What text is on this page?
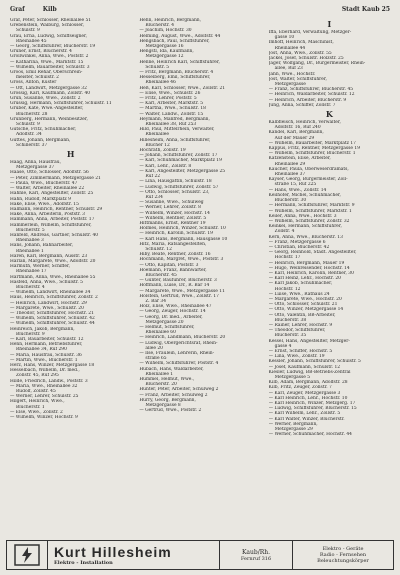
Graf	Kilb	Stadt Kaub 25
Graf, Peter, Schlosser, Rheinallee 51
Grebenstein, Walburg, Schlosser,
Schulstr. 9
Grau, Erna, Ludwig, Schiffseigner,
Rheinallee 45
— Georg, Schiffsführer, Blücherstr. 19
Gruner, Ernst, Blücherstr. 4
Grollwinkel, Anna, Wwe., Poststr. 2
— Katharina, Wwe., Marktstr. 15
— Wilhelm, Bauarbeiter, Schulstr. 3
Groos, Emil Rehar, Oberschrein-
meister, Schulstr. 2
Gross, Anton, Küster
— Ott, Landwirt, Metzgergasse 32
Grossig, Karl, Kaufmann, Zollstr. 40
Grün, Susanne, Wwe., Zollstr. 2
Grüssig, Hermann, Schiffsführer, Schulstr. 11
Gruber, Käte, Wwe.-Angestellter,
Blücherstr. 28
Grunberg, Hermann, Weinbesitzer,
Schulstr. 9
Gutsche, Fritz, Schuhmacher,
Adolfstr. 34
Guttes, Johann, Bergmann,
Schillerstr. 37
H
Haag, Anna, Hausfrau,
Metzgergasse 37
Haase, Otto, Schlosser, Adolfstr. 56
— Peter, Zimmermann, Metzgergasse 21
— Paula, Wwe., Blücherstr. 47
— Walter, Arbeiter, Rheinallee 22
Hähnle, Karl, Angestellter, Zollstr. 25
Hahn, Rudolf, Marktplatz 9
Hake, Elise, Wwe., Adolfstr. 15
Halmann, Heinrich, Rentner, Schulstr. 29
Hake, Anna, Arbeiterin, Poststr. 3
Hammann, Anna, Arbeiter, Poststr. 17
Hammerlein, Wilhelm, Schiffsführer,
Blücherstr. 5
Hanfeld, Andreas, Gärtner, Schulstr. 40
Rheinallee 3
Hans, Johann, Bahnarbeiter,
Rheinallee 1
Haren, Karl, Bergmann, Ausstr. 23
Harlan, Margarete, Wwe., Adolfstr. 20
Harmuth, Werner, Schiffer,
Rheinallee 17
Hartmann, Anna, Wwe., Rheinallee 55
Hasfeld, Anna, Wwe., Schulstr. 5
Blücherstr. 4
— Wilhelm, Landwirt, Rheinallee 34
Haus, Heinrich, Schiffsführer, Zollstr. 2
— Heinrich, Landwirt, Hochstr. 29
— Margarete, Wwe., Schulstr. 20
— Theodor, Schiffsführer, Hochstr. 21
— Wilhelm, Schiffsführer, Schulstr. 42
— Wilhelm, Schiffsführer, Schulstr. 44
Heinreich, Jakob, Bergmann,
Blücherstr. 9
— Karl, Bauarbeiter, Schulstr. 12
Henn, Hermann, Betriebsführer,
Rheinallee 34, Ruf 290
— Maria, Hausfrau, Schulstr. 36
— Martin, Wwe., Blücherstr. 1
Herz, Hans, Winzer, Metzgergasse 18
Hesselbach, Wilhelm, Dr. med.,
Zollstr. 45, Ruf 295
Hilde, Friedrich, Landw., Poststr. 3
— Maria, Wwe., Rheinallee 32
Rudolf, Zollstr. 45
— Werner, Lehrer, Schulstr. 25
Hilgert, Heinrich, Wwe.,
Blücherstr. 1
— Else, Wwe., Zollstr. 2
— Wilhelm, Winzer, Hochstr. 9
Hehn, Heinrich, Bergmann,
Blücherstr. 4
— Joachim, Hochstr. 30
Helming, August, Wwe., Adolfstr. 44
Hengsbach, Paul, Schiffsführer,
Metzgergasse 16
Hengstl, Ida, Kaufmann,
Metzgergasse 12
Henne, Heinrich Karl, Schiffsführer,
Schulstr. 5
— Fritz, Bergmann, Blücherstr. 4
Hesselberg, Emil, Schiffsführer,
Rheinallee 46
Heß, Karl, Schlosser, Wwe., Zollstr. 21
— Elise, Wwe., Schulstr. 26
— Fritz, Lehrer, Poststr. 5
— Karl, Arbeiter, Marktstr. 5
— Martha, Wwe., Schulstr. 18
— Walter, Landw., Zollstr. 15
Heymann, Manfred, Bergmann,
Rheinallee 38, Ruf 253
Hild, Paul, Mittelrhein, Verwalter,
Rheinallee
Hillesheim, Anna, Schiffsführer,
Blücher 12
Hochrath, Zollstr. 19
— Johann, Schiffsführer, Zollstr. 17
— Karl, Schuhmacher, Marktplatz 19
— Karl, Lehr., Zollstr. 8
— Karl, Angestellter, Metzgergasse 25
Ruf 22
— Lina, Hausgattin, Schulstr. 18
— Ludwig, Schiffsführer, Zollstr. 57
— Otto, Schlosser, Schulstr. 23,
Ruf 234
— Susanne, Wwe., Schulweg
— Werner, Lehrer, Zollstr. 8
— Wilhelm, Winzer, Hochstr. 14
— Wilhelm, Rentner, Zollstr. 5
Hittmanns, Ernst, Rentner 19
Holmes, Heinrich, Winzer, Schulstr. 10
— Heinrich, Karolin, Schulstr. 19
— Karl Hans, Bergmann, Hausgasse 10
Hitz, Maria, Ratsangestellten,
Schulstr. 12
Hiby, Beate, Rentner, Zollstr. 16
Hochmann, Margret, Wwe., Poststr. 3
— Otto, Kapitän, Poststr. 3
Hoemann, Franz, Bahnwärter,
Blücherstr. 45
— Gunter, Bauführer, Blücherstr. 3
Hoffmann, Luise, Dr., R. Bar 14
— Margarete, Wwe., Metzgergasse 11
Holstein, Gertrud, Wwe., Zollstr. 17
Z. Bar 34
Holz, Elise, Wwe., Rheinallee 47
— Georg, Zeuger, Hochstr. 14
— Georg, Dr. med., Arbeiter,
Metzgergasse 20
— Helmut, Schiffsführer,
Rheinallee 60
— Heinrich, Landmann, Blücherstr. 20
— Ludwig, Obergerichtsrat, Rhein-
allee 20
— Ilse, Fräulein, Lehrerin, Rhein-
straße 65
— Wilhelm, Schiffsführer, Poststr. 4
Hubach, Hans, Waldarbeiter,
Rheinallee 1
Hummel, Helmut, Wwe.,
Blücherstr. 20
Hunter, Peter, Arbeiter, Schulweg 2
— Franz, Arbeiter, Schulweg 2
Hurry, Georg, Bergmann,
Metzgergasse 8
— Gertrud, Wwe., Poststr. 2
I
Iffa, Eberhard, Verwaltung, Metzger-
gasse 10
Imhoff, Heinrich, Maschinist,
Rheinallee 44
Jost, Anna, Wwe., Zollstr. 55
Jäckel, Josef, Schulstr. Holzstr. 25
Jäger, Wolfgang, Dr., Bürgermeister, Rhein-
allee, Ruf 23
Jahn, Wwe., Hochstr.
Jost, Walter, Schiffsführer,
Metzgergasse
— Franz, Schiffsführer, Blücherstr. 45
— Heinrich, Waldarbeiter, Schulstr. 12
— Heinrich, Arbeiter, Blücherstr. 9
Jung, Anna, Schiffer, Zollstr. 7
K
Kalbfleisch, Heinrich, Verwalter,
Adolfstr. 16, Ruf 240
Kandel, Karl, Bergmann,
Auf der Mauer 29
— Wilhelm, Bauarbeiter, Marktplatz 17
Kappus, Fritz, Rentner, Metzgergasse 19
— Wilhelm, Schiffsführer, Blücherstr. 1
Katzenstein, Elise, Arbeiter,
Rheinallee 29
Kaucher, Paula, Oberweserdramats,
Rheinallee 37
Kayser, Georg, Bürgermeister, Zoll-
straße 15, Ruf 225
— Hans, Wwe., Zollstr. 14
Keilhofer, Michel, Schuhmacher,
Blücherstr. 30
— Hermann, Schiffsführer, Marktstr. 9
— Wilhelm, Schiffsführer, Marktstr. 1
Keiler, Anna, Wwe., Hochstr. 3
— Wilhelm, Schiffsführer, Zollstr. 32
Keinkel, Hermann, Schiffsführer,
Zollstr. 4
Kern, Anna, Wwe., Blücherstr. 13
— Franz, Metzgergasse 6
— Christian, Blücherstr. 42
— Georg, Reinhold, Städt. Angestellter,
Hochstr. 17
— Heinrich, Bergmann, Mauer 19
— Hugo, Weinreisender, Hochstr. 14
— Karl, Heinrich, Karolin, Rentner, 30
— Karl Heinz, Lehr., Hochstr. 20
— Karl Jakob, Schuhmacher,
Hochstr. 12
— Luise, Wwe., Rathaus 24
— Margarete, Wwe., Hochstr. 20
— Otto, Schlosser, Schulstr. 21
— Otto, Winzer, Metzgergasse 14
— Otto, Valentin, BB-Arbeiter,
Blücherstr. 38
— Rainer, Lehrer, Hochstr. 9
— Theodor, Schiffsführer,
Blücherstr. 35
Kessel, Hans, Angestellter, Metzger-
gasse 4
— Ernst, Schiffer, Hochstr. 5
— Lina, Wwe., Zollstr. 19
Kessler, Johann, Schiffsführer, Schulstr. 5
— Josef, Kaufmann, Schulstr. 12
Kiesler, Ludwig, BB-Betriebs-Zentral
Metzgergasse 5
Kilb, Adam, Bergmann, Adolfstr. 28
Kilb, Fritz, Zeuger, Zollstr. 7
— Karl, Zeuger, Metzgergasse 3
— Karl Heinrich, Lehr., Hochstr. 10
— Karl Heinrich, Winzer, Metzgerg. 17
— Ludwig, Schiffsführer, Blücherstr. 15
— Karl Wilhelm, Lehr., Zollstr. 5
— Karl Walter, Winzer, Blücherstr.
— Werner, Bergmann,
Metzgergasse 29
— Werner, Schuhmacher, Hochstr. 44
Kurt Hillesheim
Elektro - Installation
Kaub/Rh.
Fernruf 316
Elektro - Geräte
Radio - Fernsehen
Beleuchtungskörper
